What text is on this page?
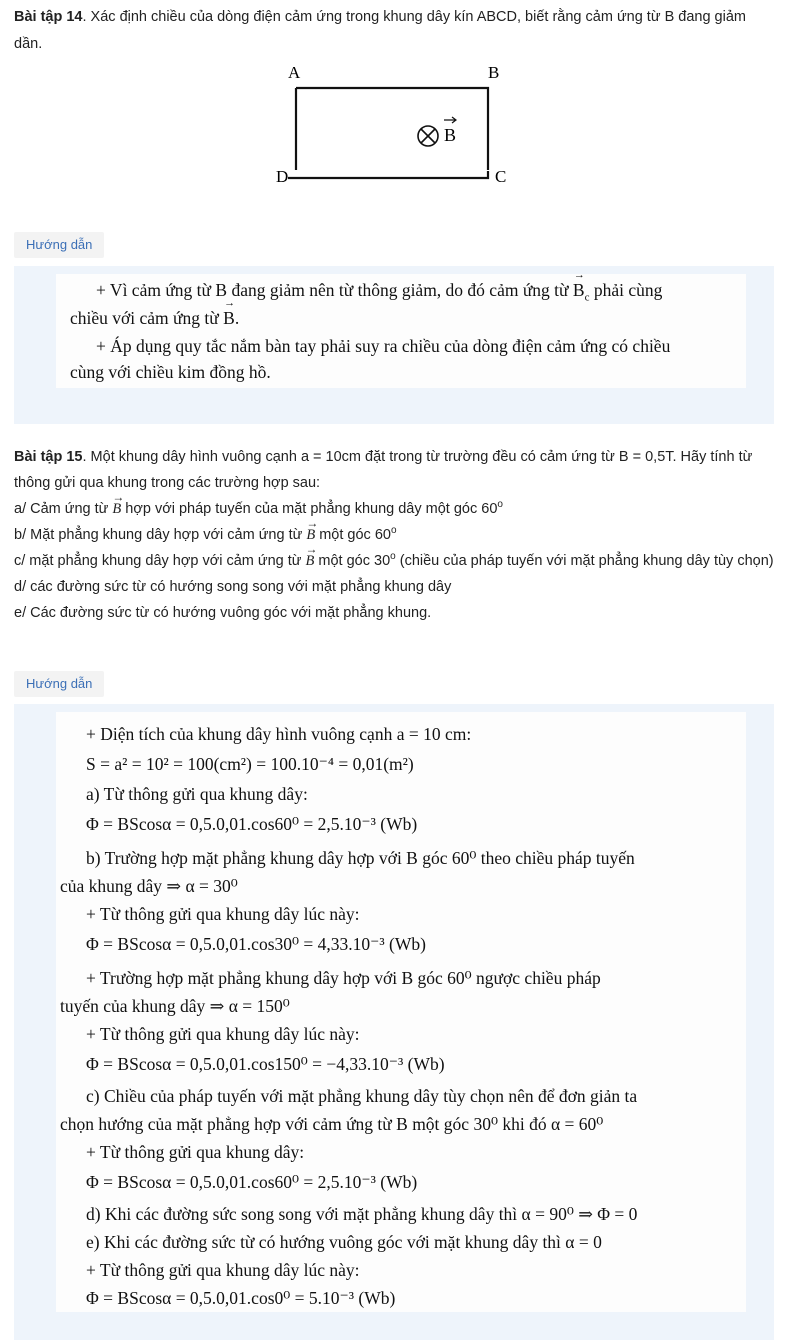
Bài tập 14. Xác định chiều của dòng điện cảm ứng trong khung dây kín ABCD, biết rằng cảm ứng từ B đang giảm dần.

A	B
C
D
B
Hướng dẫn
+ Vì cảm ứng từ B đang giảm nên từ thông giảm, do đó cảm ứng từ → $B_c$ phải cùng
chiều với cảm ứng từ → B.
+ Áp dụng quy tắc nắm bàn tay phải suy ra chiều của dòng điện cảm ứng có chiều
cùng với chiều kim đồng hồ.

Bài tập 15. Một khung dây hình vuông cạnh a = 10cm đặt trong từ trường đều có cảm ứng từ B = 0,5T. Hãy tính từ thông gửi qua khung trong các trường hợp sau:

a/ Cảm ứng từ → B hợp với pháp tuyến của mặt phẳng khung dây một góc 60$^o$

b/ Mặt phẳng khung dây hợp với cảm ứng từ → B một góc 60$^o$

c/ mặt phẳng khung dây hợp với cảm ứng từ → B một góc 30$^o$ (chiều của pháp tuyến với mặt phẳng khung dây tùy chọn)

d/ các đường sức từ có hướng song song với mặt phẳng khung dây

e/ Các đường sức từ có hướng vuông góc với mặt phẳng khung.

Hướng dẫn
+ Diện tích của khung dây hình vuông cạnh a = 10 cm:
S = a² = 10² = 100(cm²) = 100.10⁻⁴ = 0,01(m²)
a) Từ thông gửi qua khung dây:
Φ = BScosα = 0,5.0,01.cos60⁰ = 2,5.10⁻³ (Wb)
b) Trường hợp mặt phẳng khung dây hợp với B góc 60⁰ theo chiều pháp tuyến
của khung dây ⇒ α = 30⁰
+ Từ thông gửi qua khung dây lúc này:
Φ = BScosα = 0,5.0,01.cos30⁰ = 4,33.10⁻³ (Wb)
+ Trường hợp mặt phẳng khung dây hợp với B góc 60⁰ ngược chiều pháp
tuyến của khung dây ⇒ α = 150⁰
+ Từ thông gửi qua khung dây lúc này:
Φ = BScosα = 0,5.0,01.cos150⁰ = −4,33.10⁻³ (Wb)
c) Chiều của pháp tuyến với mặt phẳng khung dây tùy chọn nên để đơn giản ta
chọn hướng của mặt phẳng hợp với cảm ứng từ B một góc 30⁰ khi đó α = 60⁰
+ Từ thông gửi qua khung dây:
Φ = BScosα = 0,5.0,01.cos60⁰ = 2,5.10⁻³ (Wb)
d) Khi các đường sức song song với mặt phẳng khung dây thì α = 90⁰ ⇒ Φ = 0
e) Khi các đường sức từ có hướng vuông góc với mặt khung dây thì α = 0
+ Từ thông gửi qua khung dây lúc này:
Φ = BScosα = 0,5.0,01.cos0⁰ = 5.10⁻³ (Wb)
